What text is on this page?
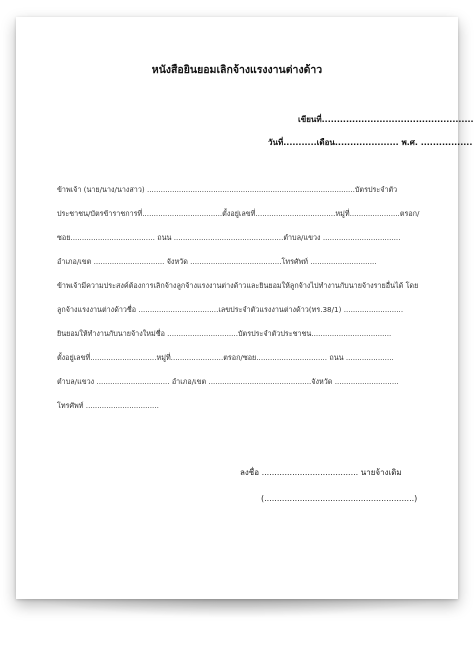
หนังสือยินยอมเลิกจ้างแรงงานต่างด้าว
เขียนที่..................................................
วันที่...........เดือน..................... พ.ศ. .................
ข้าพเจ้า (นาย/นาง/นางสาว) ...........................................................................................บัตรประจำตัว
ประชาชน/บัตรข้าราชการที่...................................ตั้งอยู่เลขที่...................................หมู่ที่......................ตรอก/
ซอย..................................... ถนน ................................................ตำบล/แขวง ..................................
อำเภอ/เขต ............................... จังหวัด ........................................โทรศัพท์ .............................
ข้าพเจ้ามีความประสงค์ต้องการเลิกจ้างลูกจ้างแรงงานต่างด้าวและยินยอมให้ลูกจ้างไปทำงานกับนายจ้างรายอื่นได้ โดย
ลูกจ้างแรงงานต่างด้าวชื่อ ...................................เลขประจำตัวแรงงานต่างด้าว(ทร.38/1) ..........................
ยินยอมให้ทำงานกับนายจ้างใหม่ชื่อ ...............................บัตรประจำตัวประชาชน...................................
ตั้งอยู่เลขที่.............................หมู่ที่.......................ตรอก/ซอย............................... ถนน .....................
ตำบล/แขวง ................................ อำเภอ/เขต .............................................จังหวัด ............................
โทรศัพท์ ................................
ลงชื่อ ...................................... นายจ้างเดิม
(...........................................................)
